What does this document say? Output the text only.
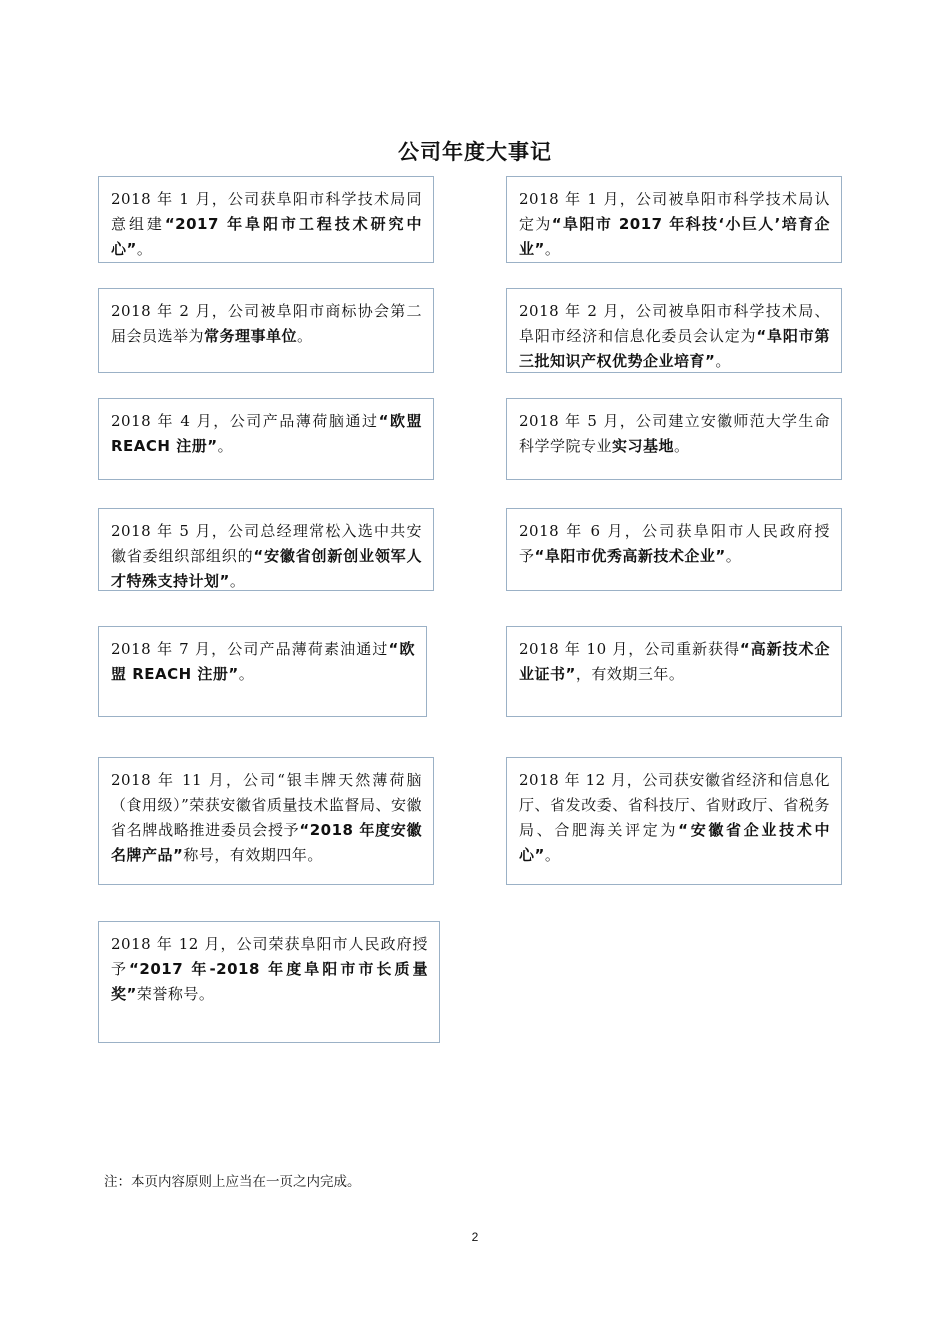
公司年度大事记
2018 年 1 月，公司获阜阳市科学技术局同意组建“2017 年阜阳市工程技术研究中心”。
2018 年 1 月，公司被阜阳市科学技术局认定为“阜阳市 2017 年科技‘小巨人’培育企业”。
2018 年 2 月，公司被阜阳市商标协会第二届会员选举为常务理事单位。
2018 年 2 月，公司被阜阳市科学技术局、阜阳市经济和信息化委员会认定为“阜阳市第三批知识产权优势企业培育”。
2018 年 4 月，公司产品薄荷脑通过“欧盟 REACH 注册”。
2018 年 5 月，公司建立安徽师范大学生命科学学院专业实习基地。
2018 年 5 月，公司总经理常松入选中共安徽省委组织部组织的“安徽省创新创业领军人才特殊支持计划”。
2018 年 6 月，公司获阜阳市人民政府授予“阜阳市优秀高新技术企业”。
2018 年 7 月，公司产品薄荷素油通过“欧盟 REACH 注册”。
2018 年 10 月，公司重新获得“高新技术企业证书”，有效期三年。
2018 年 11 月，公司“银丰牌天然薄荷脑（食用级）”荣获安徽省质量技术监督局、安徽省名牌战略推进委员会授予“2018 年度安徽名牌产品”称号，有效期四年。
2018 年 12 月，公司获安徽省经济和信息化厅、省发改委、省科技厅、省财政厅、省税务局、合肥海关评定为“安徽省企业技术中心”。
2018 年 12 月，公司荣获阜阳市人民政府授予“2017 年-2018 年度阜阳市市长质量奖”荣誉称号。
注：本页内容原则上应当在一页之内完成。
2
